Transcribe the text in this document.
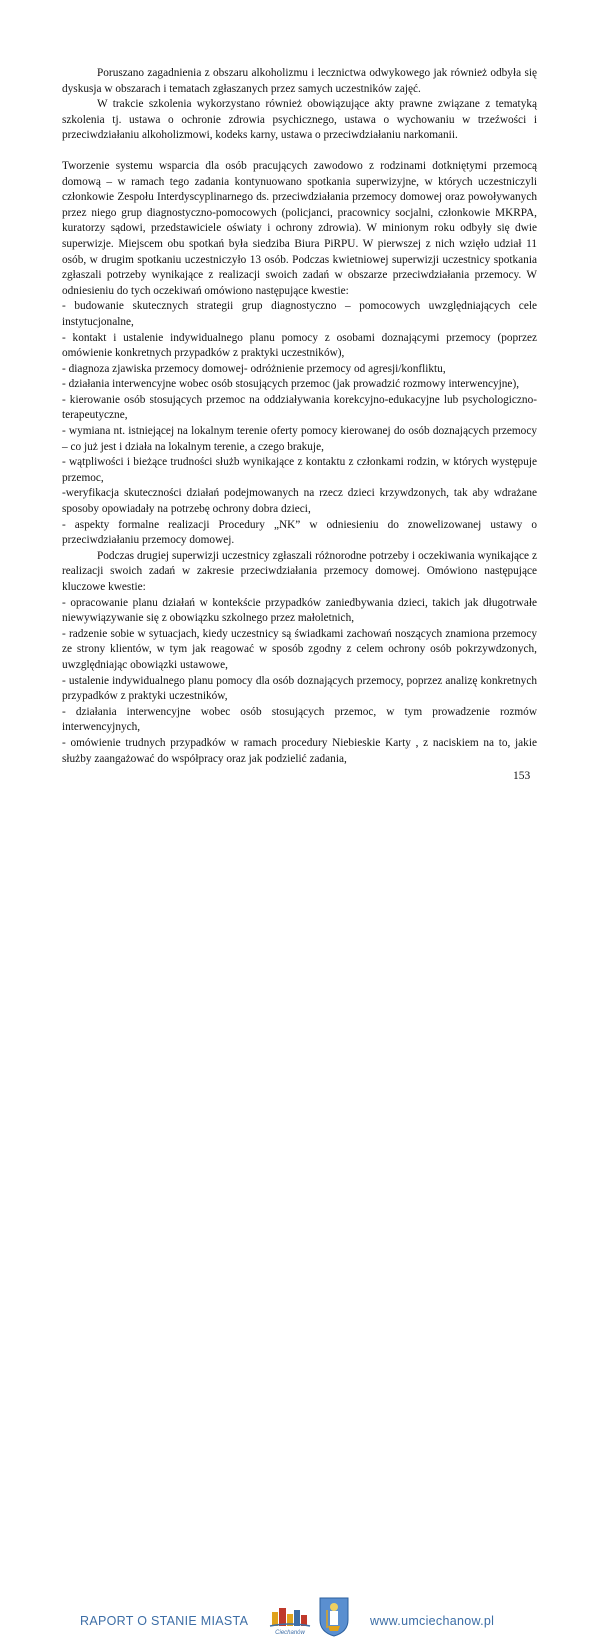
Poruszano zagadnienia z obszaru alkoholizmu i lecznictwa odwykowego jak również odbyła się dyskusja w obszarach i tematach zgłaszanych przez samych uczestników zajęć.

W trakcie szkolenia wykorzystano również obowiązujące akty prawne związane z tematyką szkolenia tj. ustawa o ochronie zdrowia psychicznego, ustawa o wychowaniu w trzeźwości i przeciwdziałaniu alkoholizmowi, kodeks karny, ustawa o przeciwdziałaniu narkomanii.

Tworzenie systemu wsparcia dla osób pracujących zawodowo z rodzinami dotkniętymi przemocą domową – w ramach tego zadania kontynuowano spotkania superwizyjne, w których uczestniczyli członkowie Zespołu Interdyscyplinarnego ds. przeciwdziałania przemocy domowej oraz powoływanych przez niego grup diagnostyczno-pomocowych (policjanci, pracownicy socjalni, członkowie MKRPA, kuratorzy sądowi, przedstawiciele oświaty i ochrony zdrowia). W minionym roku odbyły się dwie superwizje. Miejscem obu spotkań była siedziba Biura PiRPU. W pierwszej z nich wzięło udział 11 osób, w drugim spotkaniu uczestniczyło 13 osób. Podczas kwietniowej superwizji uczestnicy spotkania zgłaszali potrzeby wynikające z realizacji swoich zadań w obszarze przeciwdziałania przemocy. W odniesieniu do tych oczekiwań omówiono następujące kwestie:

- budowanie skutecznych strategii grup diagnostyczno – pomocowych uwzględniających cele instytucjonalne,

- kontakt i ustalenie indywidualnego planu pomocy z osobami doznającymi przemocy (poprzez omówienie konkretnych przypadków z praktyki uczestników),

- diagnoza zjawiska przemocy domowej- odróżnienie przemocy od agresji/konfliktu,

- działania interwencyjne wobec osób stosujących przemoc (jak prowadzić rozmowy interwencyjne),

- kierowanie osób stosujących przemoc na oddziaływania korekcyjno-edukacyjne lub psychologiczno-terapeutyczne,

- wymiana nt. istniejącej na lokalnym terenie oferty pomocy kierowanej do osób doznających przemocy – co już jest i działa na lokalnym terenie, a czego brakuje,

- wątpliwości i bieżące trudności służb wynikające z kontaktu z członkami rodzin, w których występuje przemoc,

-weryfikacja skuteczności działań podejmowanych na rzecz dzieci krzywdzonych, tak aby wdrażane sposoby opowiadały na potrzebę ochrony dobra dzieci,

- aspekty formalne realizacji Procedury „NK” w odniesieniu do znowelizowanej ustawy o przeciwdziałaniu przemocy domowej.

Podczas drugiej superwizji uczestnicy zgłaszali różnorodne potrzeby i oczekiwania wynikające z realizacji swoich zadań w zakresie przeciwdziałania przemocy domowej. Omówiono następujące kluczowe kwestie:

- opracowanie planu działań w kontekście przypadków zaniedbywania dzieci, takich jak długotrwałe niewywiązywanie się z obowiązku szkolnego przez małoletnich,

- radzenie sobie w sytuacjach, kiedy uczestnicy są świadkami zachowań noszących znamiona przemocy ze strony klientów, w tym jak reagować w sposób zgodny z celem ochrony osób pokrzywdzonych, uwzględniając obowiązki ustawowe,

- ustalenie indywidualnego planu pomocy dla osób doznających przemocy, poprzez analizę konkretnych przypadków z praktyki uczestników,

- działania interwencyjne wobec osób stosujących przemoc, w tym prowadzenie rozmów interwencyjnych,

- omówienie trudnych przypadków w ramach procedury Niebieskie Karty , z naciskiem na to, jakie służby zaangażować do współpracy oraz jak podzielić zadania,

153
RAPORT O STANIE MIASTA
Ciechanów
www.umciechanow.pl
